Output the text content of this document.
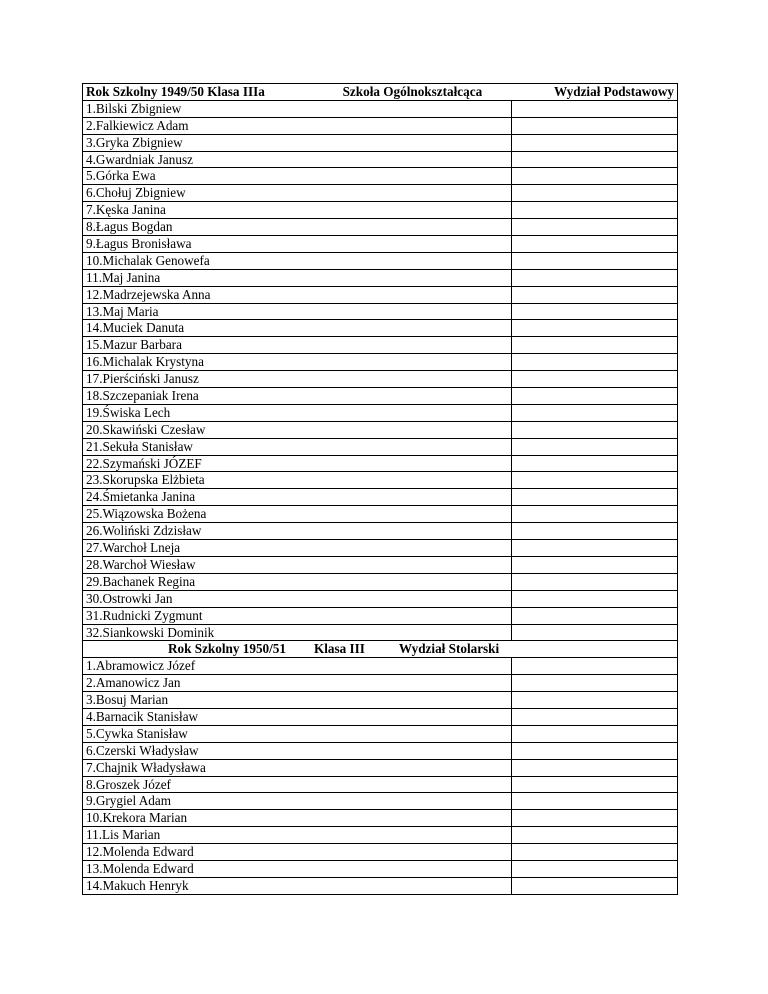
Rok Szkolny 1949/50 Klasa IIIa Szkoła Ogólnokształcąca Wydział Podstawowy	

1.Bilski Zbigniew	
2.Falkiewicz Adam	
3.Gryka Zbigniew	
4.Gwardniak Janusz	
5.Górka Ewa	
6.Chołuj Zbigniew	
7.Kęska Janina	
8.Łagus Bogdan	
9.Łagus Bronisława	
10.Michalak Genowefa	
11.Maj Janina	
12.Madrzejewska Anna	
13.Maj Maria	
14.Muciek Danuta	
15.Mazur Barbara	
16.Michalak Krystyna	
17.Pierściński Janusz	
18.Szczepaniak Irena	
19.Świska Lech	
20.Skawiński Czesław	
21.Sekuła Stanisław	
22.Szymański JÓZEF	
23.Skorupska Elżbieta	
24.Śmietanka Janina	
25.Wiązowska Bożena	
26.Woliński Zdzisław	
27.Warchoł Lneja	
28.Warchoł Wiesław	
29.Bachanek Regina	
30.Ostrowki Jan	
31.Rudnicki Zygmunt	
32.Siankowski Dominik	

Rok Szkolny 1950/51 Klasa III Wydział Stolarski	

1.Abramowicz Józef	
2.Amanowicz Jan	
3.Bosuj Marian	
4.Barnacik Stanisław	
5.Cywka Stanisław	
6.Czerski Władysław	
7.Chajnik Władysława	
8.Groszek Józef	
9.Grygiel Adam	
10.Krekora Marian	
11.Lis Marian	
12.Molenda Edward	
13.Molenda Edward	
14.Makuch Henryk	
